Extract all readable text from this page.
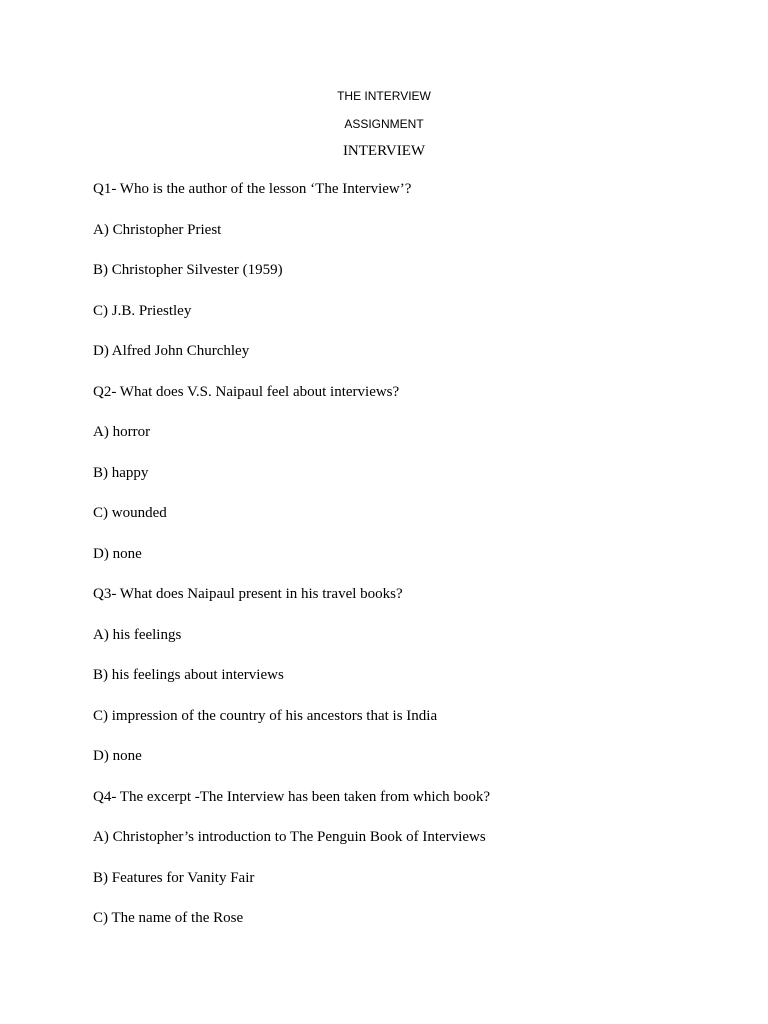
THE INTERVIEW
ASSIGNMENT
INTERVIEW
Q1- Who is the author of the lesson ‘The Interview’?
A) Christopher Priest
B) Christopher Silvester (1959)
C) J.B. Priestley
D) Alfred John Churchley
Q2- What does V.S. Naipaul feel about interviews?
A) horror
B) happy
C) wounded
D) none
Q3- What does Naipaul present in his travel books?
A) his feelings
B) his feelings about interviews
C) impression of the country of his ancestors that is India
D) none
Q4- The excerpt -The Interview has been taken from which book?
A) Christopher’s introduction to The Penguin Book of Interviews
B) Features for Vanity Fair
C) The name of the Rose
